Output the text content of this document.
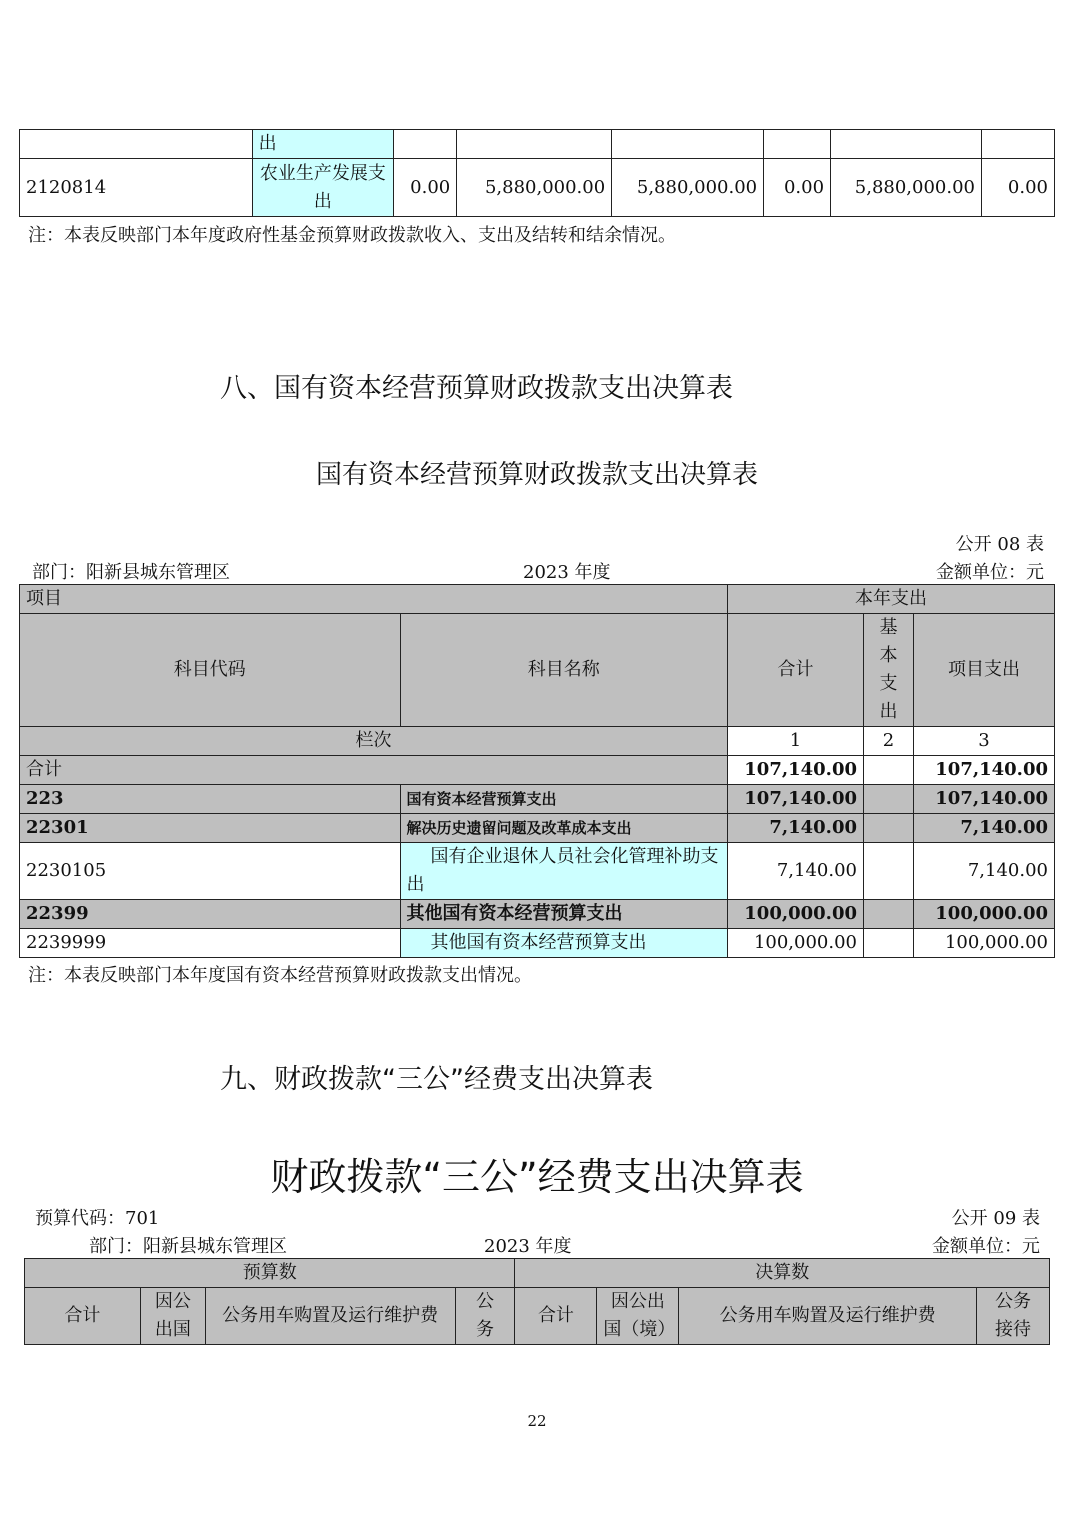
	出						
2120814	农业生产发展支出	0.00	5,880,000.00	5,880,000.00	0.00	5,880,000.00	0.00
注：本表反映部门本年度政府性基金预算财政拨款收入、支出及结转和结余情况。
八、国有资本经营预算财政拨款支出决算表
国有资本经营预算财政拨款支出决算表
公开 08 表
部门：阳新县城东管理区	2023 年度	金额单位：元
项目		本年支出		
科目代码	科目名称	合计	基本支出	项目支出
栏次		1	2	3
合计		107,140.00		107,140.00
223	国有资本经营预算支出	107,140.00		107,140.00
22301	解决历史遗留问题及改革成本支出	7,140.00		7,140.00
2230105	国有企业退休人员社会化管理补助支出	7,140.00		7,140.00
22399	其他国有资本经营预算支出	100,000.00		100,000.00
2239999	其他国有资本经营预算支出	100,000.00		100,000.00
注：本表反映部门本年度国有资本经营预算财政拨款支出情况。
九、财政拨款“三公”经费支出决算表
财政拨款“三公”经费支出决算表
预算代码：701	公开 09 表
部门：阳新县城东管理区	2023 年度	金额单位：元
预算数				决算数			
合计	因公出国	公务用车购置及运行维护费	公务	合计	因公出国（境）	公务用车购置及运行维护费	公务接待
22
